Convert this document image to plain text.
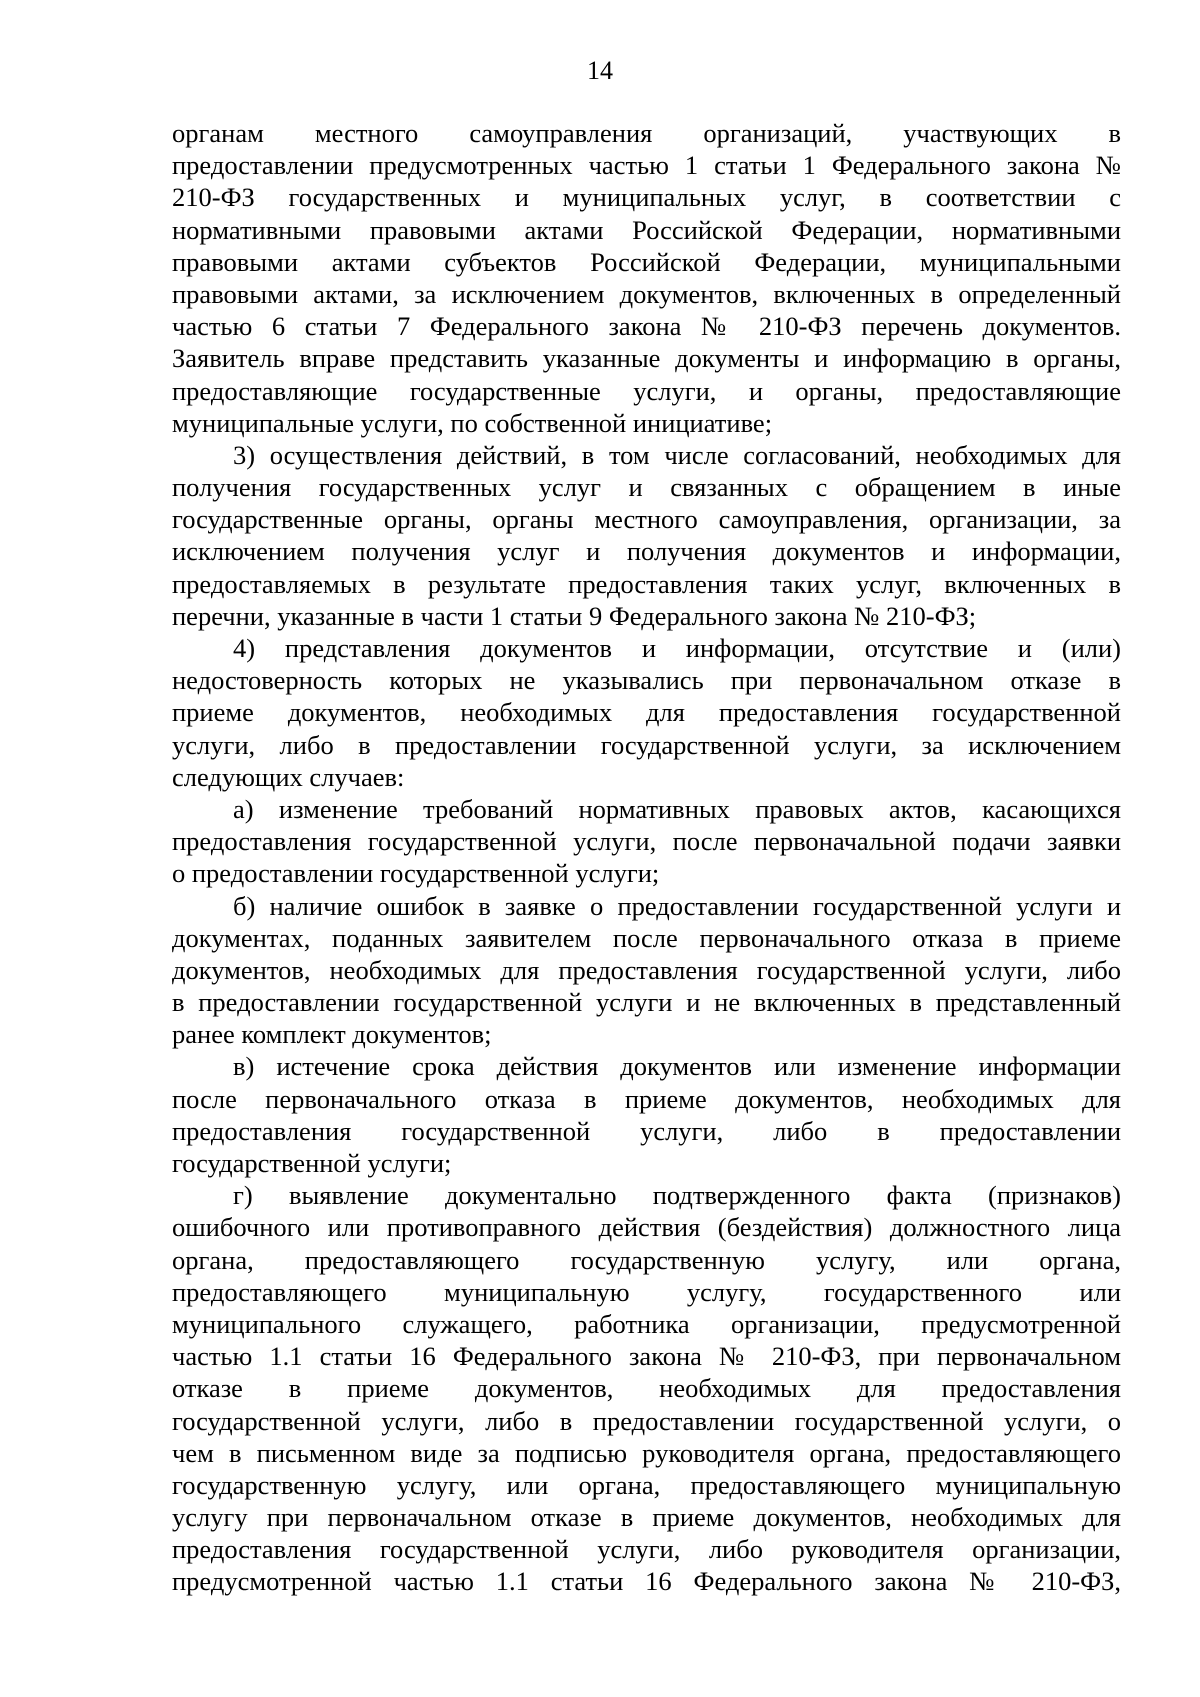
14
органам местного самоуправления организаций, участвующих в
предоставлении предусмотренных частью 1 статьи 1 Федерального закона №
210-ФЗ государственных и муниципальных услуг, в соответствии с
нормативными правовыми актами Российской Федерации, нормативными
правовыми актами субъектов Российской Федерации, муниципальными
правовыми актами, за исключением документов, включенных в определенный
частью 6 статьи 7 Федерального закона № 210-ФЗ перечень документов.
Заявитель вправе представить указанные документы и информацию в органы,
предоставляющие государственные услуги, и органы, предоставляющие
муниципальные услуги, по собственной инициативе;
3) осуществления действий, в том числе согласований, необходимых для
получения государственных услуг и связанных с обращением в иные
государственные органы, органы местного самоуправления, организации, за
исключением получения услуг и получения документов и информации,
предоставляемых в результате предоставления таких услуг, включенных в
перечни, указанные в части 1 статьи 9 Федерального закона № 210-ФЗ;
4) представления документов и информации, отсутствие и (или)
недостоверность которых не указывались при первоначальном отказе в
приеме документов, необходимых для предоставления государственной
услуги, либо в предоставлении государственной услуги, за исключением
следующих случаев:
а) изменение требований нормативных правовых актов, касающихся
предоставления государственной услуги, после первоначальной подачи заявки
о предоставлении государственной услуги;
б) наличие ошибок в заявке о предоставлении государственной услуги и
документах, поданных заявителем после первоначального отказа в приеме
документов, необходимых для предоставления государственной услуги, либо
в предоставлении государственной услуги и не включенных в представленный
ранее комплект документов;
в) истечение срока действия документов или изменение информации
после первоначального отказа в приеме документов, необходимых для
предоставления государственной услуги, либо в предоставлении
государственной услуги;
г) выявление документально подтвержденного факта (признаков)
ошибочного или противоправного действия (бездействия) должностного лица
органа, предоставляющего государственную услугу, или органа,
предоставляющего муниципальную услугу, государственного или
муниципального служащего, работника организации, предусмотренной
частью 1.1 статьи 16 Федерального закона № 210-ФЗ, при первоначальном
отказе в приеме документов, необходимых для предоставления
государственной услуги, либо в предоставлении государственной услуги, о
чем в письменном виде за подписью руководителя органа, предоставляющего
государственную услугу, или органа, предоставляющего муниципальную
услугу при первоначальном отказе в приеме документов, необходимых для
предоставления государственной услуги, либо руководителя организации,
предусмотренной частью 1.1 статьи 16 Федерального закона № 210-ФЗ,
